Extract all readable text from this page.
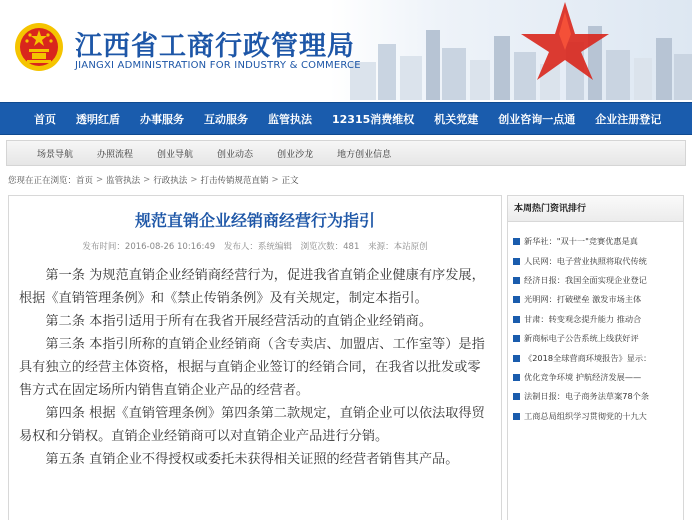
江西省工商行政管理局
JIANGXI ADMINISTRATION FOR INDUSTRY & COMMERCE
首页	透明红盾	办事服务	互动服务	监管执法	12315消费维权	机关党建	创业咨询一点通	企业注册登记
场景导航	办照流程	创业导航	创业动态	创业沙龙	地方创业信息
您现在正在浏览： 首页 > 监管执法 > 行政执法 > 打击传销规范直销 > 正文
规范直销企业经销商经营行为指引
发布时间：2016-08-26 10:16:49 发布人：系统编辑 浏览次数：481 来源：本站原创

第一条 为规范直销企业经销商经营行为，促进我省直销企业健康有序发展，根据《直销管理条例》和《禁止传销条例》及有关规定，制定本指引。

第二条 本指引适用于所有在我省开展经营活动的直销企业经销商。

第三条 本指引所称的直销企业经销商（含专卖店、加盟店、工作室等）是指具有独立的经营主体资格，根据与直销企业签订的经销合同，在我省以批发或零售方式在固定场所内销售直销企业产品的经营者。

第四条 根据《直销管理条例》第四条第二款规定，直销企业可以依法取得贸易权和分销权。直销企业经销商可以对直销企业产品进行分销。

第五条 直销企业不得授权或委托未获得相关证照的经营者销售其产品。

本周热门资讯排行
新华社："双十一"竞赛优惠是真
人民网：电子营业执照将取代传统
经济日报：我国全面实现企业登记
光明网：打破壁垒 激发市场主体
甘肃：转变观念提升能力 推动合
新商标电子公告系统上线获好评
《2018全球营商环境报告》显示：
优化竞争环境 护航经济发展——
法制日报：电子商务法草案78个条
工商总局组织学习贯彻党的十九大
